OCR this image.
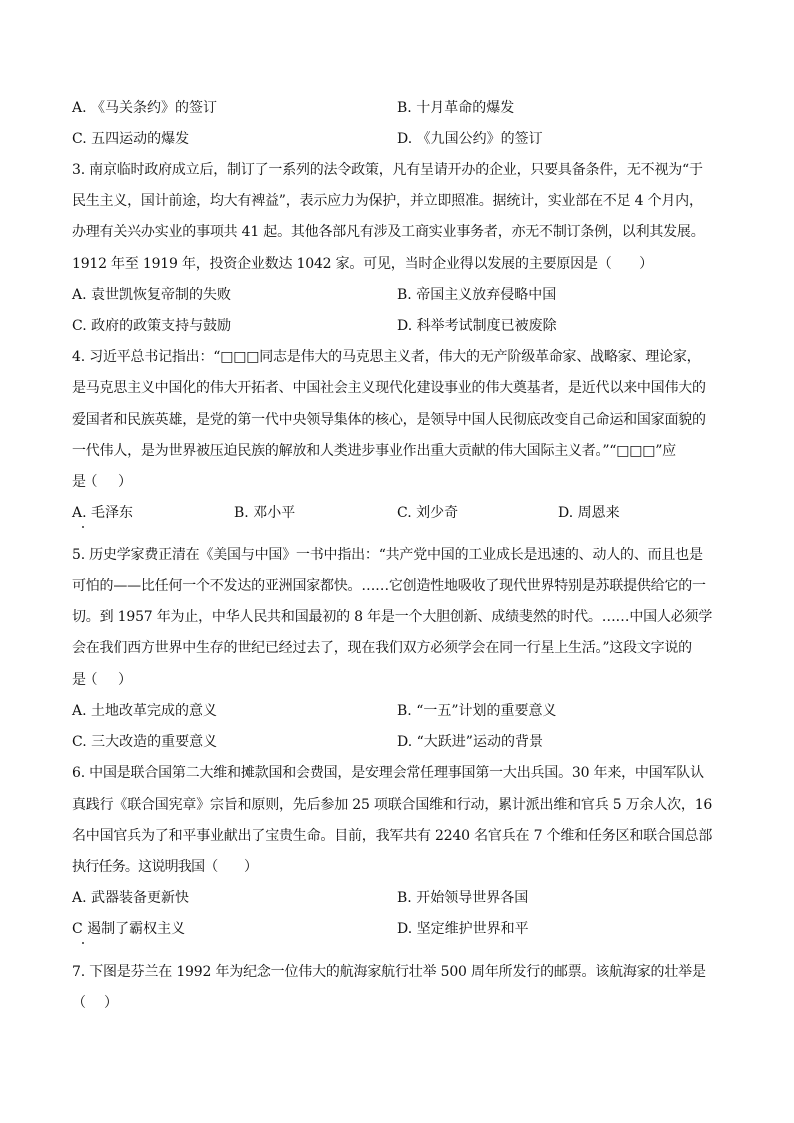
A. 《马关条约》的签订	B. 十月革命的爆发
C. 五四运动的爆发	D. 《九国公约》的签订
3. 南京临时政府成立后，制订了一系列的法令政策，凡有呈请开办的企业，只要具备条件，无不视为“于
民生主义，国计前途，均大有裨益”，表示应力为保护，并立即照准。据统计，实业部在不足 4 个月内，
办理有关兴办实业的事项共 41 起。其他各部凡有涉及工商实业事务者，亦无不制订条例，以利其发展。
1912 年至 1919 年，投资企业数达 1042 家。可见，当时企业得以发展的主要原因是（　　）
A. 袁世凯恢复帝制的失败	B. 帝国主义放弃侵略中国
C. 政府的政策支持与鼓励	D. 科举考试制度已被废除
4. 习近平总书记指出：“□□□同志是伟大的马克思主义者，伟大的无产阶级革命家、战略家、理论家，
是马克思主义中国化的伟大开拓者、中国社会主义现代化建设事业的伟大奠基者，是近代以来中国伟大的
爱国者和民族英雄，是党的第一代中央领导集体的核心，是领导中国人民彻底改变自己命运和国家面貌的
一代伟人，是为世界被压迫民族的解放和人类进步事业作出重大贡献的伟大国际主义者。”“□□□”应
是（　　）
A. 毛泽东	B. 邓小平	C. 刘少奇	D. 周恩来
5. 历史学家费正清在《美国与中国》一书中指出：“共产党中国的工业成长是迅速的、动人的、而且也是
可怕的——比任何一个不发达的亚洲国家都快。……它创造性地吸收了现代世界特别是苏联提供给它的一
切。到 1957 年为止，中华人民共和国最初的 8 年是一个大胆创新、成绩斐然的时代。……中国人必须学
会在我们西方世界中生存的世纪已经过去了，现在我们双方必须学会在同一行星上生活。”这段文字说的
是（　　）
A. 土地改革完成的意义	B. “一五”计划的重要意义
C. 三大改造的重要意义	D. “大跃进”运动的背景
6. 中国是联合国第二大维和摊款国和会费国，是安理会常任理事国第一大出兵国。30 年来，中国军队认
真践行《联合国宪章》宗旨和原则，先后参加 25 项联合国维和行动，累计派出维和官兵 5 万余人次，16
名中国官兵为了和平事业献出了宝贵生命。目前，我军共有 2240 名官兵在 7 个维和任务区和联合国总部
执行任务。这说明我国（　　）
A. 武器装备更新快	B. 开始领导世界各国
C 遏制了霸权主义	D. 坚定维护世界和平
7. 下图是芬兰在 1992 年为纪念一位伟大的航海家航行壮举 500 周年所发行的邮票。该航海家的壮举是
（　　）
